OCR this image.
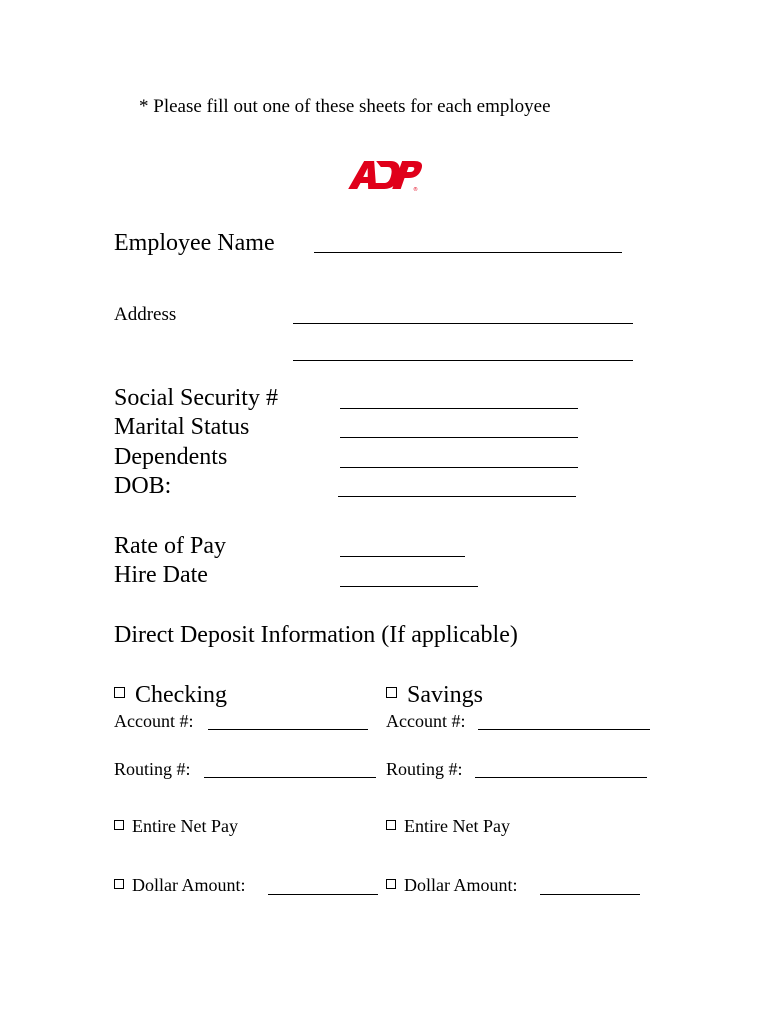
* Please fill out one of these sheets for each employee
®
Employee Name
Address
Social Security #
Marital Status
Dependents
DOB:
Rate of Pay
Hire Date
Direct Deposit Information (If applicable)
Checking
Account #:
Routing #:
Entire Net Pay
Dollar Amount:
Savings
Account #:
Routing #:
Entire Net Pay
Dollar Amount:
